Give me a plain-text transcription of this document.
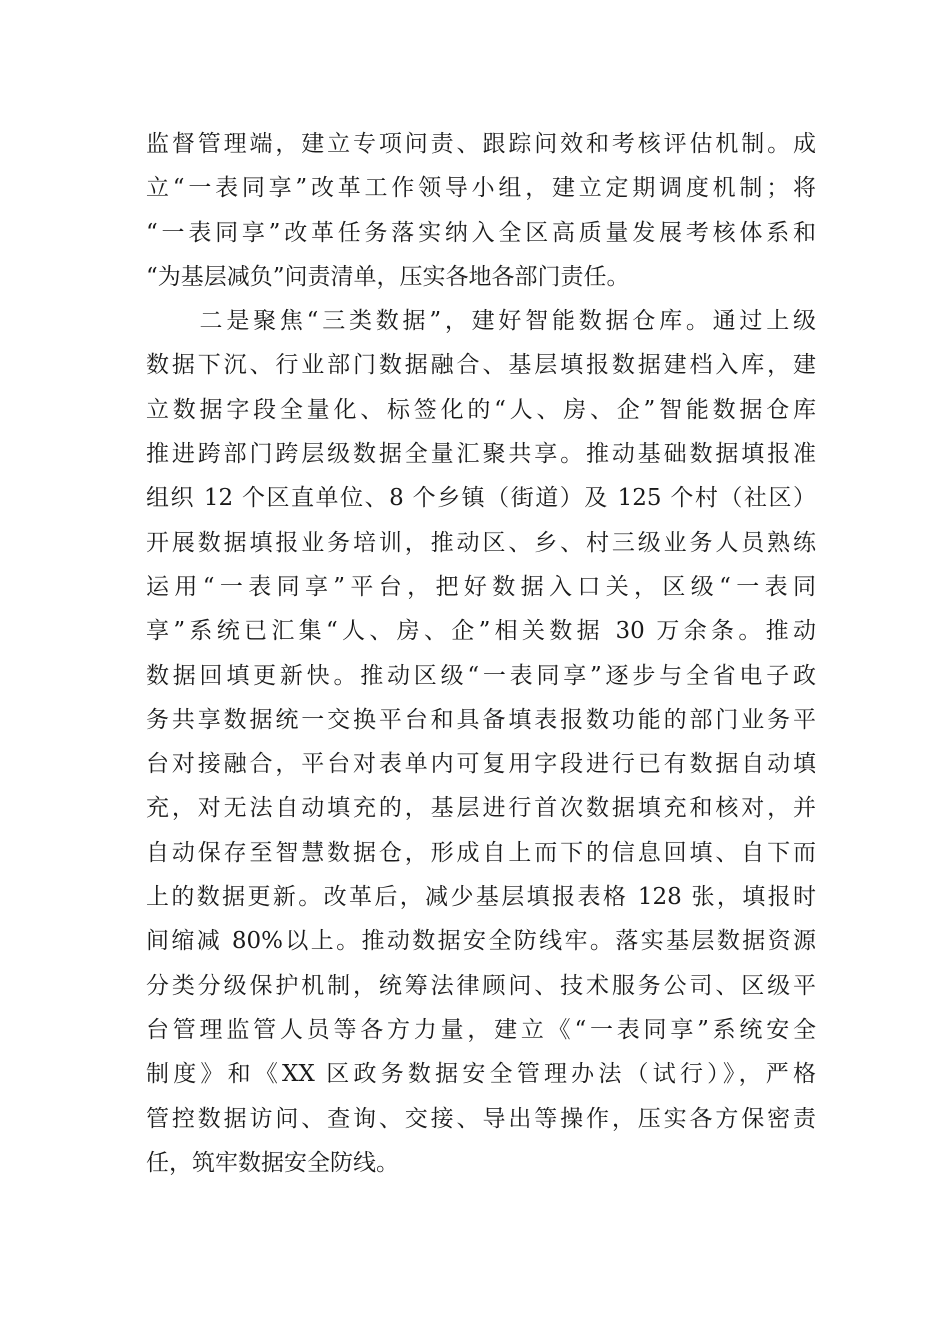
监督管理端，建立专项问责、跟踪问效和考核评估机制。成
立“一表同享”改革工作领导小组，建立定期调度机制；将
“一表同享”改革任务落实纳入全区高质量发展考核体系和
“为基层减负”问责清单，压实各地各部门责任。
　　二是聚焦“三类数据”，建好智能数据仓库。通过上级
数据下沉、行业部门数据融合、基层填报数据建档入库，建
立数据字段全量化、标签化的“人、房、企”智能数据仓库
推进跨部门跨层级数据全量汇聚共享。推动基础数据填报准
组织 12 个区直单位、8 个乡镇（街道）及 125 个村（社区）
开展数据填报业务培训，推动区、乡、村三级业务人员熟练
运用“一表同享”平台，把好数据入口关，区级“一表同
享”系统已汇集“人、房、企”相关数据 30 万余条。推动
数据回填更新快。推动区级“一表同享”逐步与全省电子政
务共享数据统一交换平台和具备填表报数功能的部门业务平
台对接融合，平台对表单内可复用字段进行已有数据自动填
充，对无法自动填充的，基层进行首次数据填充和核对，并
自动保存至智慧数据仓，形成自上而下的信息回填、自下而
上的数据更新。改革后，减少基层填报表格 128 张，填报时
间缩减 80%以上。推动数据安全防线牢。落实基层数据资源
分类分级保护机制，统筹法律顾问、技术服务公司、区级平
台管理监管人员等各方力量，建立《“一表同享”系统安全
制度》和《XX 区政务数据安全管理办法（试行）》，严格
管控数据访问、查询、交接、导出等操作，压实各方保密责
任，筑牢数据安全防线。
